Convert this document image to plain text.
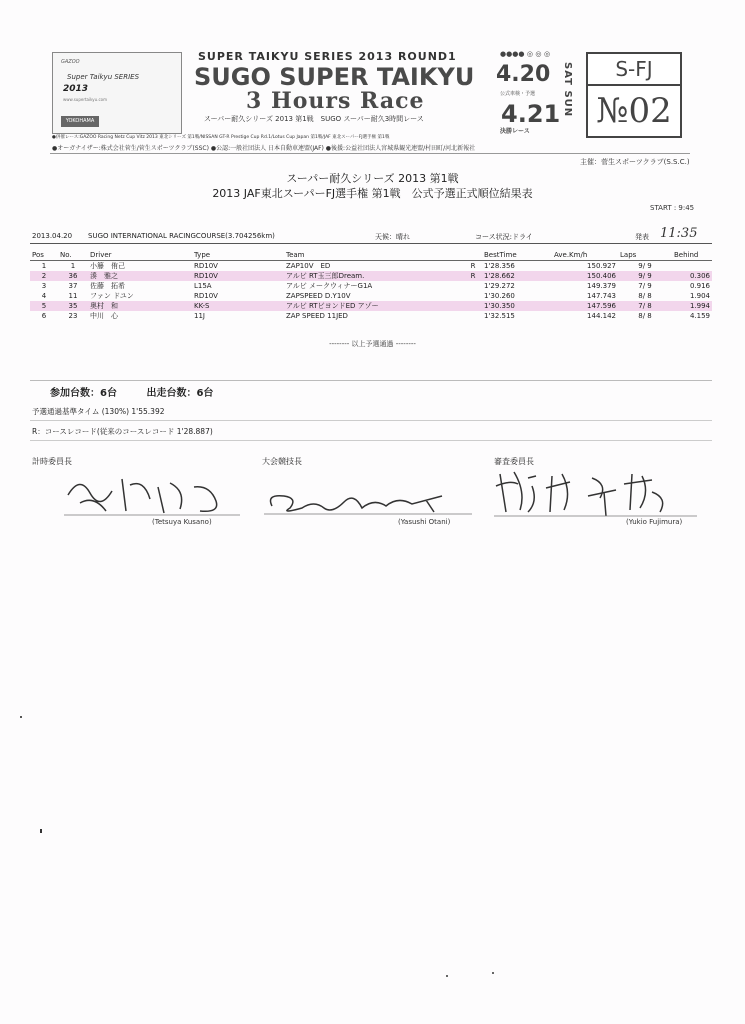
GAZOO
Super Taikyu SERIES
2013
www.supertaikyu.com
YOKOHAMA
SUPER TAIKYU SERIES 2013 ROUND1	●●●● ◎ ◎ ◎
SUGO SUPER TAIKYU
3 Hours Race
スーパー耐久シリーズ 2013 第1戦　SUGO スーパー耐久3時間レース
4.20
公式車検・予選
4.21
決勝レース
SAT SUN	S-FJ
№02
●併催レース:GAZOO Racing Netz Cup Vitz 2013 東北シリーズ 第1戦/NISSAN GT-R Prestige Cup Rd.1/Lotus Cup Japan 第1戦/JAF 東北スーパーFJ選手権 第1戦
●オーガナイザー:株式会社菅生/菅生スポーツクラブ(SSC) ●公認:一般社団法人 日本自動車連盟(JAF) ●後援:公益社団法人宮城県観光連盟/村田町/河北新報社
主催：菅生スポーツクラブ(S.S.C.)
スーパー耐久シリーズ 2013 第1戦
2013 JAF東北スーパーFJ選手権 第1戦　公式予選正式順位結果表
START : 9:45
2013.04.20 SUGO INTERNATIONAL RACINGCOURSE(3.704256km)	天候：晴れ	コース状況:ドライ	発表 11:35
Pos	No.	Driver	Type	Team		BestTime	Ave.Km/h	Laps	Behind
1	1	小籐　侑己	RD10V	ZAP10V　ED	R	1'28.356	150.927	9/ 9	
2	36	湊　雅之	RD10V	アルビ RT玉三郎Dream.	R	1'28.662	150.406	9/ 9	0.306
3	37	佐藤　拓希	L15A	アルビ メークウィナーG1A		1'29.272	149.379	7/ 9	0.916
4	11	ファン ドユン	RD10V	ZAPSPEED D.Y10V		1'30.260	147.743	8/ 8	1.904
5	35	奥村　和	KK-S	アルビ RTビヨンドED アゾー		1'30.350	147.596	7/ 8	1.994
6	23	中川　心	11J	ZAP SPEED 11JED		1'32.515	144.142	8/ 8	4.159
-------- 以上予選通過 --------
参加台数：6台	出走台数：6台
予選通過基準タイム (130%) 1'55.392
R：コースレコード(従来のコースレコード 1'28.887)
計時委員長	大会競技長	審査委員長
(Tetsuya Kusano)	(Yasushi Otani)	(Yukio Fujimura)
